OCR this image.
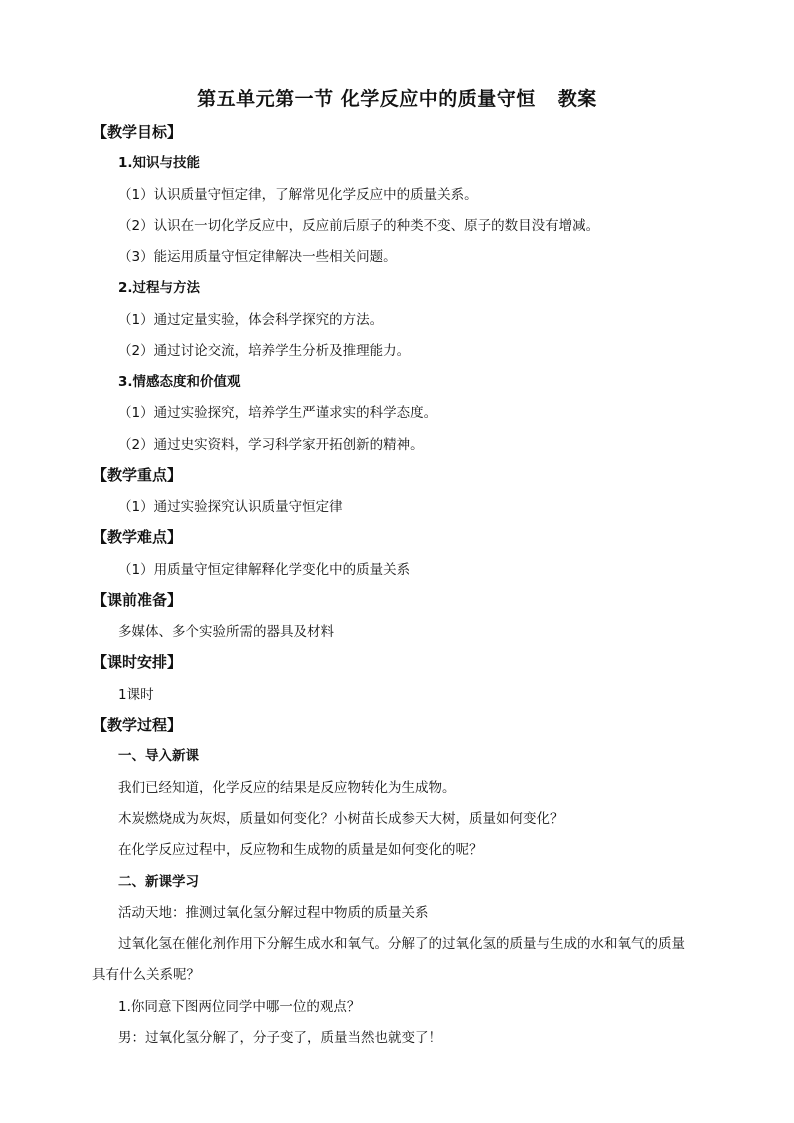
第五单元第一节 化学反应中的质量守恒 教案
【教学目标】
1.知识与技能
（1）认识质量守恒定律，了解常见化学反应中的质量关系。
（2）认识在一切化学反应中，反应前后原子的种类不变、原子的数目没有增减。
（3）能运用质量守恒定律解决一些相关问题。
2.过程与方法
（1）通过定量实验，体会科学探究的方法。
（2）通过讨论交流，培养学生分析及推理能力。
3.情感态度和价值观
（1）通过实验探究，培养学生严谨求实的科学态度。
（2）通过史实资料，学习科学家开拓创新的精神。
【教学重点】
（1）通过实验探究认识质量守恒定律
【教学难点】
（1）用质量守恒定律解释化学变化中的质量关系
【课前准备】
多媒体、多个实验所需的器具及材料
【课时安排】
1课时
【教学过程】
一、导入新课
我们已经知道，化学反应的结果是反应物转化为生成物。
木炭燃烧成为灰烬，质量如何变化？小树苗长成参天大树，质量如何变化？
在化学反应过程中，反应物和生成物的质量是如何变化的呢？
二、新课学习
活动天地：推测过氧化氢分解过程中物质的质量关系
过氧化氢在催化剂作用下分解生成水和氧气。分解了的过氧化氢的质量与生成的水和氧气的质量
具有什么关系呢？
1.你同意下图两位同学中哪一位的观点？
男：过氧化氢分解了，分子变了，质量当然也就变了！
